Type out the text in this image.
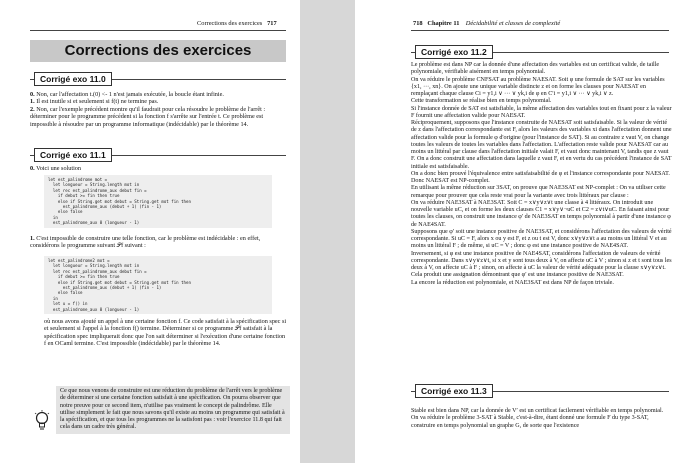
Corrections des exercices 717
Corrections des exercices
Corrigé exo 11.0

0. Non, car l'affectation t.(0) <- 1 n'est jamais exécutée, la boucle étant infinie.

1. Il est inutile si et seulement si f(t) ne termine pas.

2. Non, car l'exemple précédent montre qu'il faudrait pour cela résoudre le problème de l'arrêt : déterminer pour le programme précédent si la fonction f s'arrête sur l'entrée t. Ce problème est impossible à résoudre par un programme informatique (indécidable) par le théorème 14.

Corrigé exo 11.1

0. Voici une solution

let est_palindrome mot =
let longueur = String.length mot in
let rec est_palindrome_aux debut fin =
if debut >= fin then true
else if String.get mot debut = String.get mot fin then
est_palindrome_aux (debut + 1) (fin - 1)
else false
in
est_palindrome_aux 0 (longueur - 1)

1. C'est impossible de construire une telle fonction, car le problème est indécidable : en effet, considérons le programme suivant 𝒫f suivant :

let est_palindrome2 mot =
let longueur = String.length mot in
let rec est_palindrome_aux debut fin =
if debut >= fin then true
else if String.get mot debut = String.get mot fin then
est_palindrome_aux (debut + 1) (fin - 1)
else false
in
let u = f() in
est_palindrome_aux 0 (longueur - 1)
où nous avons ajouté un appel à une certaine fonction f. Ce code satisfait à la spécification spec si et seulement si l'appel à la fonction f() termine. Déterminer si ce programme 𝒫f satisfait à la spécification spec impliquerait donc que l'on sait déterminer si l'exécution d'une certaine fonction f en OCaml termine. C'est impossible (indécidable) par le théorème 14.
Ce que nous venons de construire est une réduction du problème de l'arrêt vers le problème de déterminer si une certaine fonction satisfait à une spécification. On pourra observer que notre preuve pour ce second item, n'utilise pas vraiment le concept de palindrôme. Elle utilise simplement le fait que nous savons qu'il existe au moins un programme qui satisfait à la spécification, et que tous les programmes ne la satisfont pas : voir l'exercice 11.8 qui fait cela dans un cadre très général.
718 Chapitre 11 Décidabilité et classes de complexité
Corrigé exo 11.2

Le problème est dans NP car la donnée d'une affectation des variables est un certificat valide, de taille polynomiale, vérifiable aisément en temps polynomial.

On va réduire le problème CNFSAT au problème NAESAT. Soit φ une formule de SAT sur les variables {x1, ···, xn}. On ajoute une unique variable distincte z et on forme les clauses pour NAESAT en remplaçant chaque clause Ci = y1,i ∨ ··· ∨ yk,i de φ en C′i = y1,i ∨ ··· ∨ yk,i ∨ z.

Cette transformation se réalise bien en temps polynomial.

Si l'instance donnée de SAT est satisfiable, la même affectation des variables tout en fixant pour z la valeur F fournit une affectation valide pour NAESAT.

Réciproquement, supposons que l'instance construite de NAESAT soit satisfaisable. Si la valeur de vérité de z dans l'affectation correspondante est F, alors les valeurs des variables xi dans l'affectation donnent une affectation valide pour la formule φ d'origine (pour l'instance de SAT). Si au contraire z vaut V, on change toutes les valeurs de toutes les variables dans l'affectation. L'affectation reste valide pour NAESAT car au moins un littéral par clause dans l'affectation initiale valait F, et vaut donc maintenant V, tandis que z vaut F. On a donc construit une affectation dans laquelle z vaut F, et en vertu du cas précédent l'instance de SAT initiale est satisfaisable.

On a donc bien prouvé l'équivalence entre satisfaisabilité de φ et l'instance correspondante pour NAESAT. Donc NAESAT est NP-complet.

En utilisant la même réduction sur 3SAT, on prouve que NAE3SAT est NP-complet : On va utiliser cette remarque pour prouver que cela reste vrai pour la variante avec trois littéraux par clause :

On va réduire NAE3SAT à NAE3SAT. Soit C = x∨y∨z∨t une classe à 4 littéraux. On introduit une nouvelle variable uC, et on forme les deux clauses C1 = x∨y∨¬uC et C2 = z∨t∨uC. En faisant ainsi pour toutes les clauses, on construit une instance φ′ de NAE3SAT en temps polynomial à partir d'une instance φ de NAE4SAT.

Supposons que φ′ soit une instance positive de NAE3SAT, et considérons l'affectation des valeurs de vérité correspondante. Si uC = F, alors x ou y est F, et z ou t est V, donc x∨y∨z∨t a au moins un littéral V et au moins un littéral F ; de même, si uC = V ; donc φ est une instance positive de NAE4SAT.

Inversement, si φ est une instance positive de NAE4SAT, considérons l'affectation de valeurs de vérité correspondante. Dans x∨y∨z∨t, si x et y sont tous deux à V, on affecte uC à V ; sinon si z et t sont tous les deux à V, on affecte uC à F ; sinon, on affecte à uC la valeur de vérité adéquate pour la clause x∨y∨z∨t. Cela produit une assignation démontrant que φ′ est une instance positive de NAE3SAT.

La encore la réduction est polynomiale, et NAE3SAT est dans NP de façon triviale.

Corrigé exo 11.3

Stable est bien dans NP, car la donnée de V′ est un certificat facilement vérifiable en temps polynomial.

On va réduire le problème 3-SAT à Stable, c'est-à-dire, étant donné une formule F du type 3-SAT, construire en temps polynomial un graphe G, de sorte que l'existence
